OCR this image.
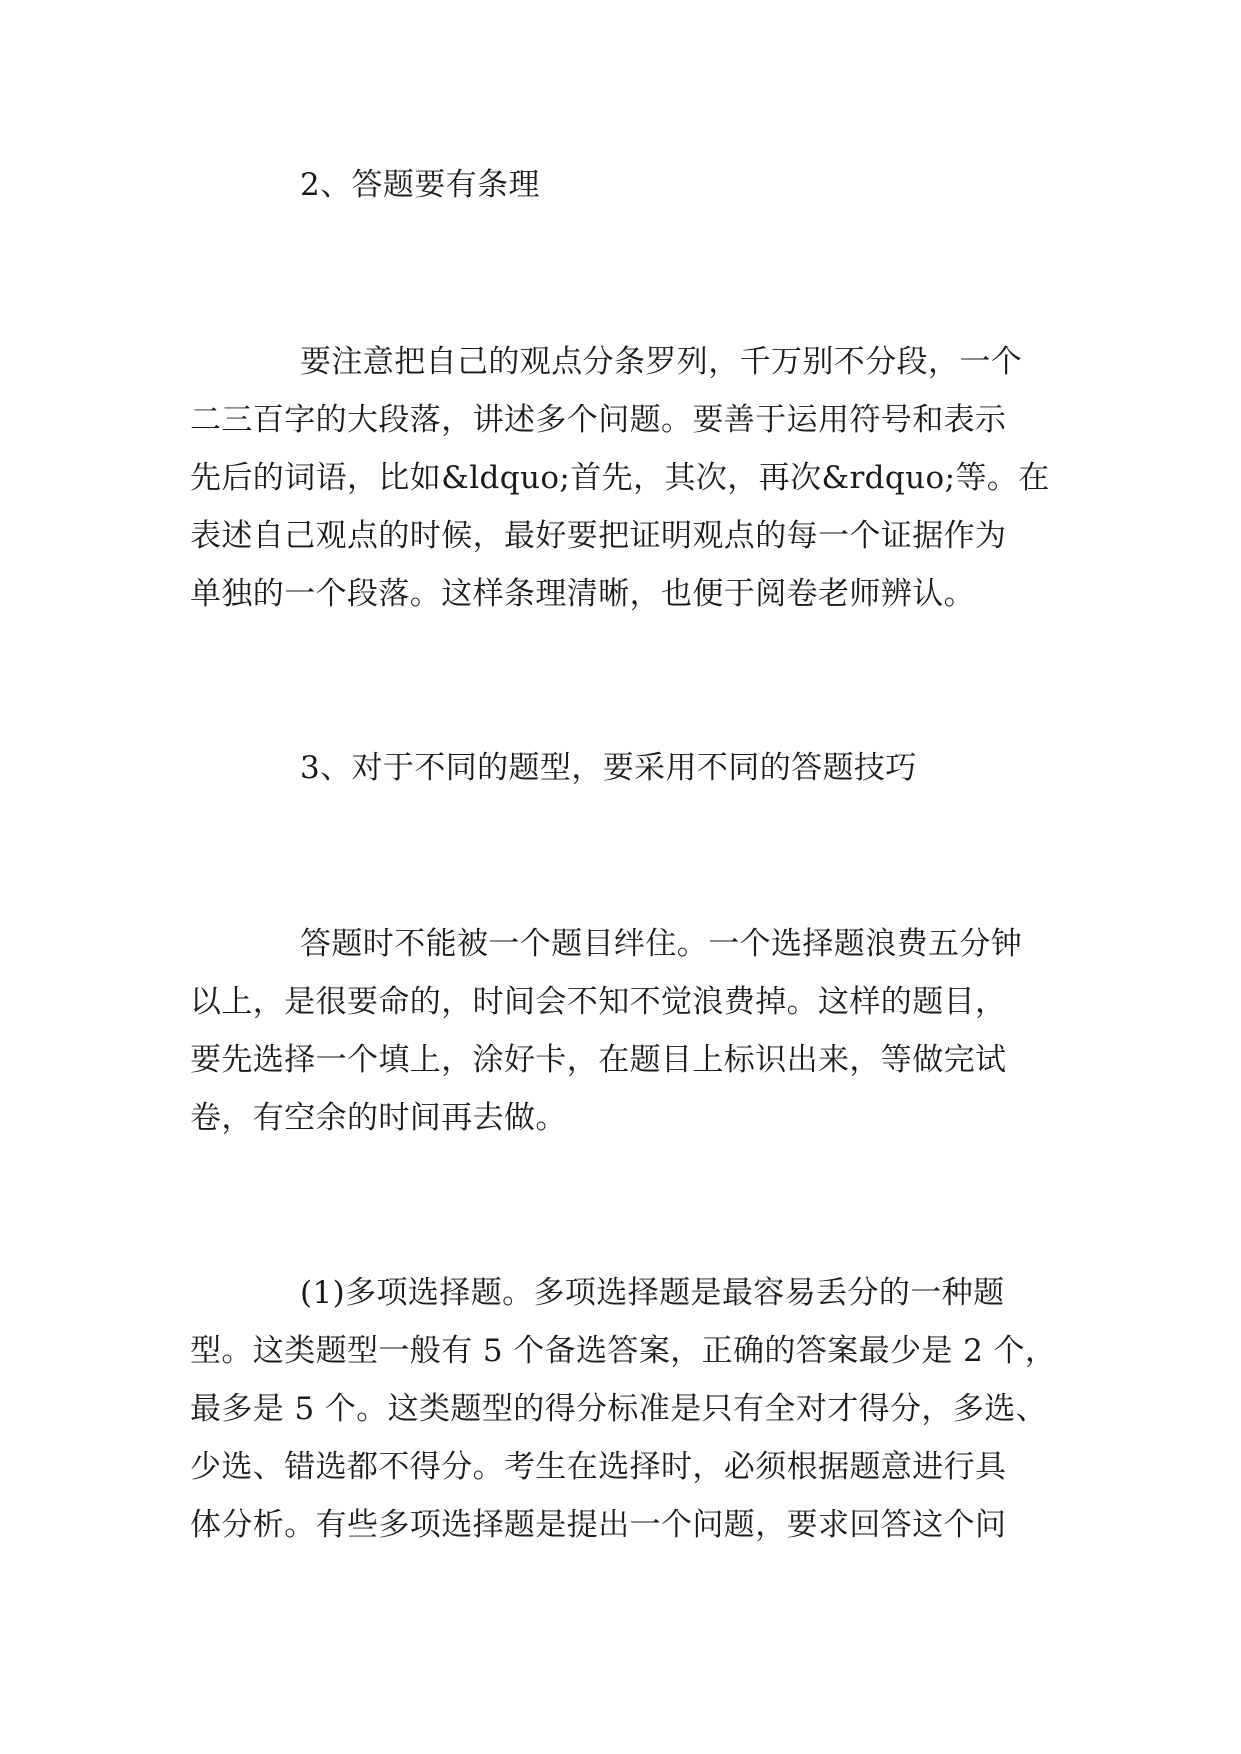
2、答题要有条理
要注意把自己的观点分条罗列，千万别不分段，一个
二三百字的大段落，讲述多个问题。要善于运用符号和表示
先后的词语，比如&ldquo;首先，其次，再次&rdquo;等。在
表述自己观点的时候，最好要把证明观点的每一个证据作为
单独的一个段落。这样条理清晰，也便于阅卷老师辨认。
3、对于不同的题型，要采用不同的答题技巧
答题时不能被一个题目绊住。一个选择题浪费五分钟
以上，是很要命的，时间会不知不觉浪费掉。这样的题目，
要先选择一个填上，涂好卡，在题目上标识出来，等做完试
卷，有空余的时间再去做。
(1)多项选择题。多项选择题是最容易丢分的一种题
型。这类题型一般有 5 个备选答案，正确的答案最少是 2 个，
最多是 5 个。这类题型的得分标准是只有全对才得分，多选、
少选、错选都不得分。考生在选择时，必须根据题意进行具
体分析。有些多项选择题是提出一个问题，要求回答这个问
